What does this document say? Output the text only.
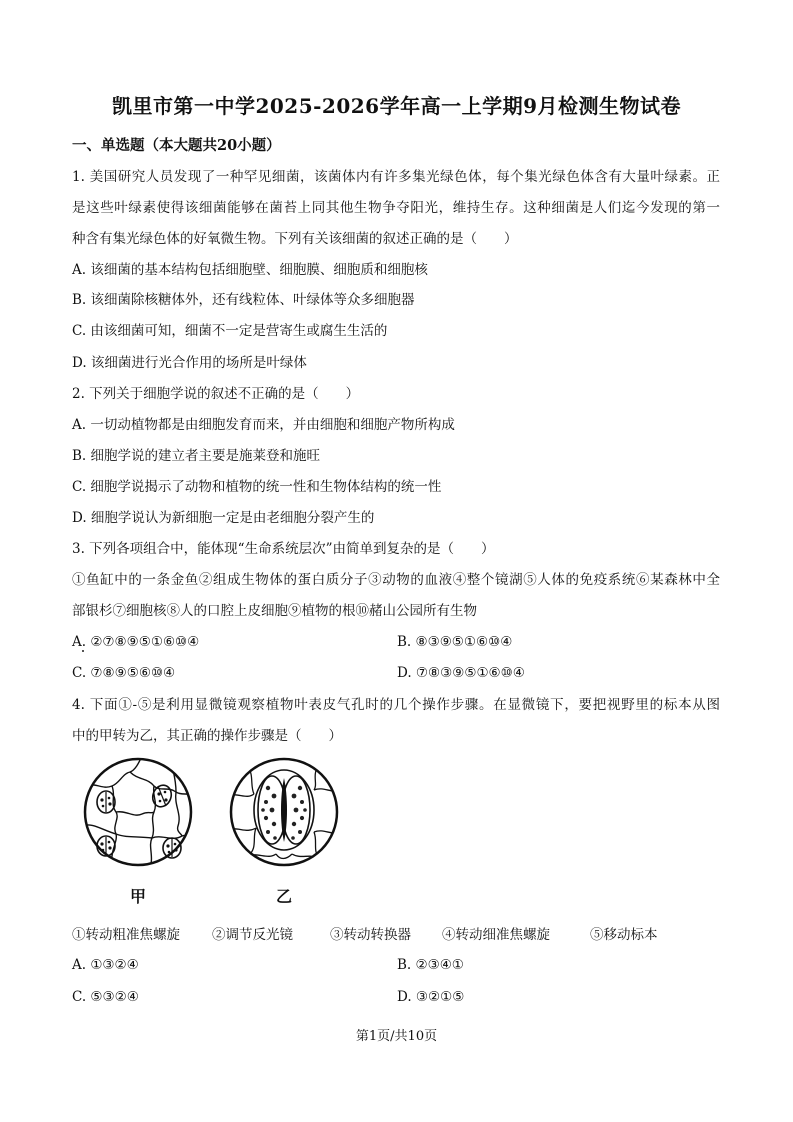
凯里市第一中学2025-2026学年高一上学期9月检测生物试卷
一、单选题（本大题共20小题）
1. 美国研究人员发现了一种罕见细菌，该菌体内有许多集光绿色体，每个集光绿色体含有大量叶绿素。正
是这些叶绿素使得该细菌能够在菌苔上同其他生物争夺阳光，维持生存。这种细菌是人们迄今发现的第一
种含有集光绿色体的好氧微生物。下列有关该细菌的叙述正确的是（　　）
A. 该细菌的基本结构包括细胞壁、细胞膜、细胞质和细胞核
B. 该细菌除核糖体外，还有线粒体、叶绿体等众多细胞器
C. 由该细菌可知，细菌不一定是营寄生或腐生生活的
D. 该细菌进行光合作用的场所是叶绿体
2. 下列关于细胞学说的叙述不正确的是（　　）
A. 一切动植物都是由细胞发育而来，并由细胞和细胞产物所构成
B. 细胞学说的建立者主要是施莱登和施旺
C. 细胞学说揭示了动物和植物的统一性和生物体结构的统一性
D. 细胞学说认为新细胞一定是由老细胞分裂产生的
3. 下列各项组合中，能体现“生命系统层次”由简单到复杂的是（　　）
①鱼缸中的一条金鱼②组成生物体的蛋白质分子③动物的血液④整个镜湖⑤人体的免疫系统⑥某森林中全
部银杉⑦细胞核⑧人的口腔上皮细胞⑨植物的根⑩赭山公园所有生物
A. ②⑦⑧⑨⑤①⑥⑩④	B. ⑧③⑨⑤①⑥⑩④
C. ⑦⑧⑨⑤⑥⑩④	D. ⑦⑧③⑨⑤①⑥⑩④
4. 下面①-⑤是利用显微镜观察植物叶表皮气孔时的几个操作步骤。在显微镜下，要把视野里的标本从图
中的甲转为乙，其正确的操作步骤是（　　）
甲	乙
①转动粗准焦螺旋 ②调节反光镜	③转动转换器 ④转动细准焦螺旋	⑤移动标本
A. ①③②④	B. ②③④①
C. ⑤③②④	D. ③②①⑤
第1页/共10页
